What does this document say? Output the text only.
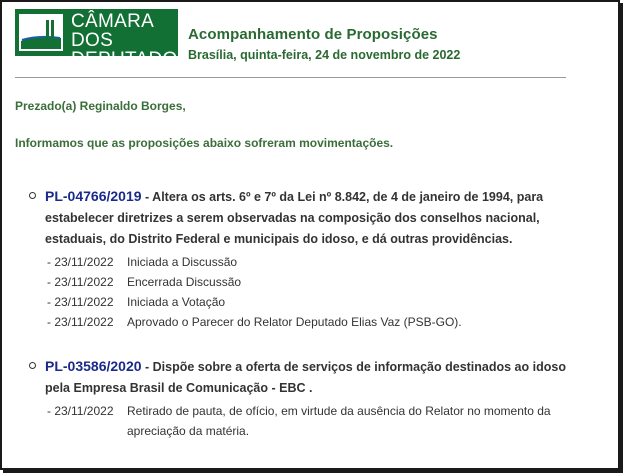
CÂMARA DOS
DEPUTADOS
Acompanhamento de Proposições
Brasília, quinta-feira, 24 de novembro de 2022
Prezado(a) Reginaldo Borges,
Informamos que as proposições abaixo sofreram movimentações.
PL-04766/2019 - Altera os arts. 6º e 7º da Lei nº 8.842, de 4 de janeiro de 1994, para estabelecer diretrizes a serem observadas na composição dos conselhos nacional, estaduais, do Distrito Federal e municipais do idoso, e dá outras providências.
- 23/11/2022	Iniciada a Discussão
- 23/11/2022	Encerrada Discussão
- 23/11/2022	Iniciada a Votação
- 23/11/2022	Aprovado o Parecer do Relator Deputado Elias Vaz (PSB-GO).
PL-03586/2020 - Dispõe sobre a oferta de serviços de informação destinados ao idoso pela Empresa Brasil de Comunicação - EBC .
- 23/11/2022	Retirado de pauta, de ofício, em virtude da ausência do Relator no momento da apreciação da matéria.
